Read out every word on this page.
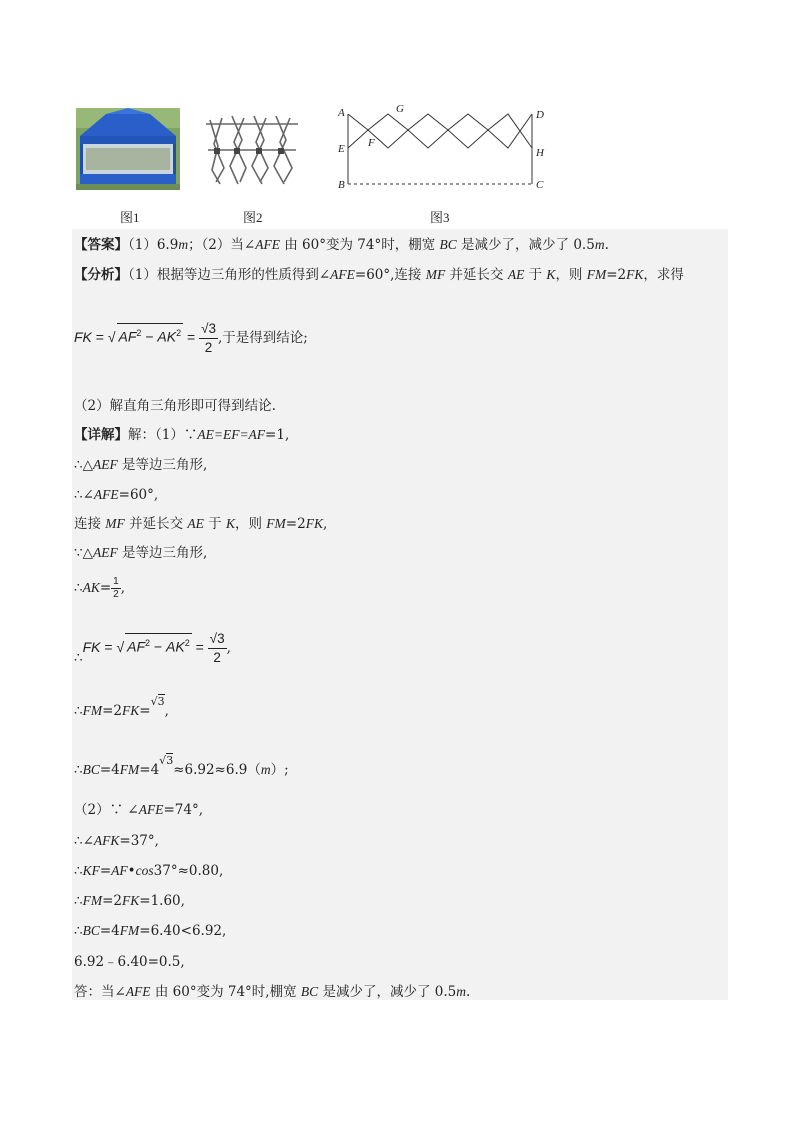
图1	图2
A	G	D
E F
H
B	C
图3
【答案】（1）6.9m；（2）当∠AFE 由 60°变为 74°时，棚宽 BC 是减少了，减少了 0.5m.
【分析】（1）根据等边三角形的性质得到∠AFE=60°,连接 MF 并延长交 AE 于 K，则 FM=2FK，求得
FK = √ $AF^2 - AK^2 = \frac{√3}{2}$ ,于是得到结论;
（2）解直角三角形即可得到结论.
【详解】解：（1）∵AE=EF=AF=1,
∴△AEF 是等边三角形,
∴∠AFE=60°,
连接 MF 并延长交 AE 于 K，则 FM=2FK,
∵△AEF 是等边三角形,
∴AK= $\frac{1}{2}$ ,
∴FK = √ $AF^2 - AK^2 = \frac{√3}{2}$ ,
∴FM=2FK=$^{√3}$,
$\therefore BC=4FM=4^{√3}\approx 6.92\approx 6.9(m)$;
（2）∵ ∠AFE=74°,
∴∠AFK=37°,
∴KF=AF•cos37°≈0.80,
∴FM=2FK=1.60,
∴BC=4FM=6.40<6.92,
6.92﹣6.40=0.5,
答：当∠AFE 由 60°变为 74°时,棚宽 BC 是减少了，减少了 0.5m.
